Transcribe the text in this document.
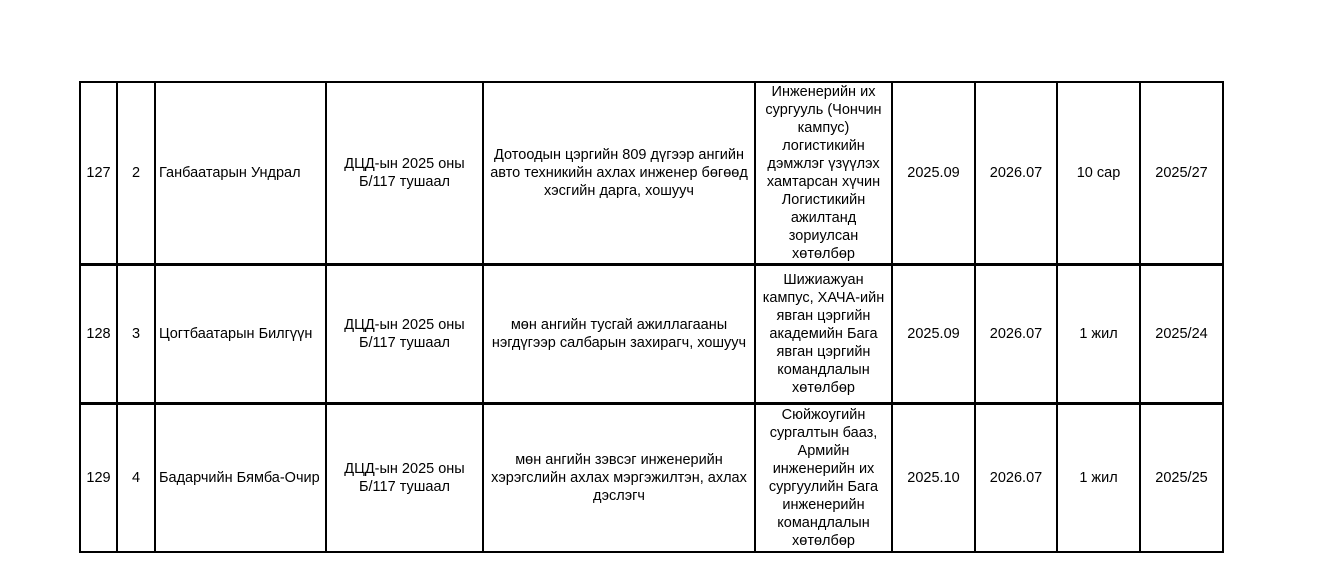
127	2	Ганбаатарын Ундрал	ДЦД-ын 2025 оны Б/117 тушаал	Дотоодын цэргийн 809 дүгээр ангийн авто техникийн ахлах инженер бөгөөд хэсгийн дарга, хошууч	Инженерийн их сургууль (Чончин кампус) логистикийн дэмжлэг үзүүлэх хамтарсан хүчин Логистикийн ажилтанд зориулсан хөтөлбөр	2025.09	2026.07	10 сар	2025/27
128	3	Цогтбаатарын Билгүүн	ДЦД-ын 2025 оны Б/117 тушаал	мөн ангийн тусгай ажиллагааны нэгдүгээр салбарын захирагч, хошууч	Шижиажуан кампус, ХАЧА-ийн явган цэргийн академийн Бага явган цэргийн командлалын хөтөлбөр	2025.09	2026.07	1 жил	2025/24
129	4	Бадарчийн Бямба-Очир	ДЦД-ын 2025 оны Б/117 тушаал	мөн ангийн зэвсэг инженерийн хэрэгслийн ахлах мэргэжилтэн, ахлах дэслэгч	Сюйжоугийн сургалтын бааз, Армийн инженерийн их сургуулийн Бага инженерийн командлалын хөтөлбөр	2025.10	2026.07	1 жил	2025/25
